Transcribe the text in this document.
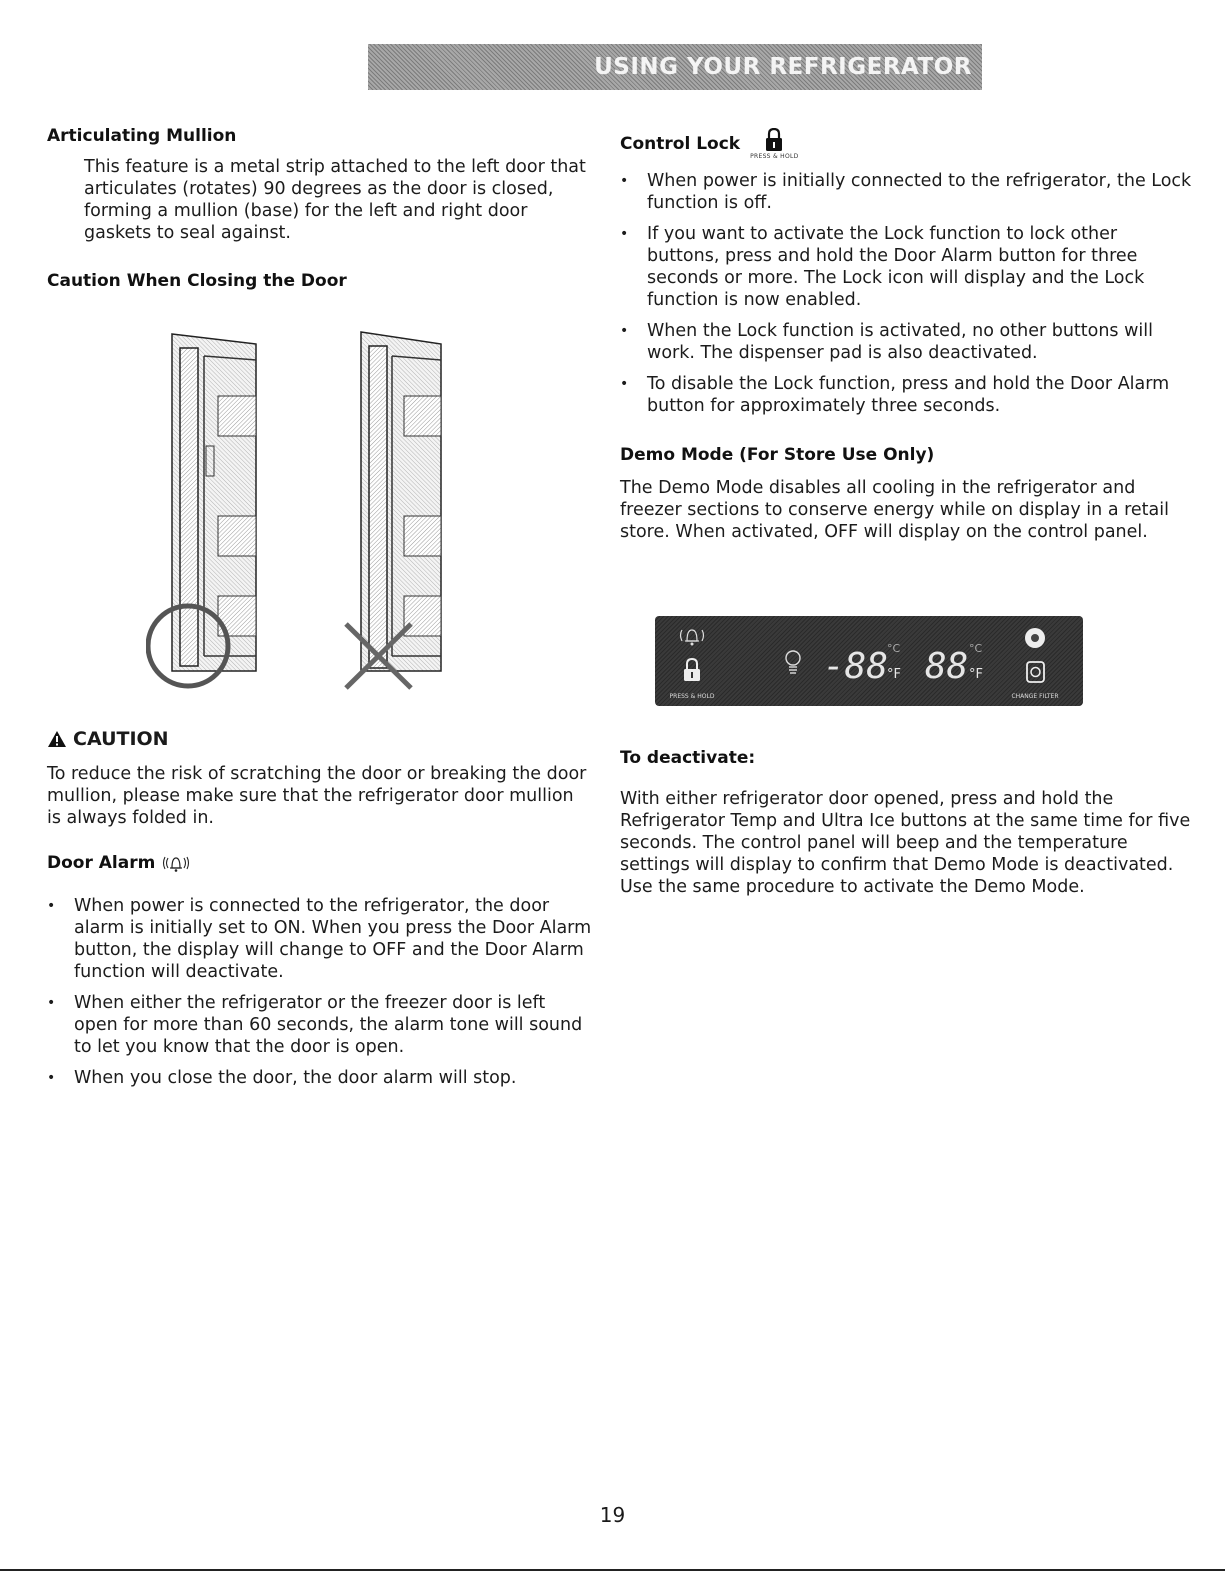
USING YOUR REFRIGERATOR
Articulating Mullion

This feature is a metal strip attached to the left door that articulates (rotates) 90 degrees as the door is closed, forming a mullion (base) for the left and right door gaskets to seal against.

Caution When Closing the Door
CAUTION

To reduce the risk of scratching the door or breaking the door mullion, please make sure that the refrigerator door mullion is always folded in.

Door Alarm
• When power is connected to the refrigerator, the door alarm is initially set to ON. When you press the Door Alarm button, the display will change to OFF and the Door Alarm function will deactivate.
• When either the refrigerator or the freezer door is left open for more than 60 seconds, the alarm tone will sound to let you know that the door is open.
• When you close the door, the door alarm will stop.
Control Lock
PRESS & HOLD
• When power is initially connected to the refrigerator, the Lock function is off.
• If you want to activate the Lock function to lock other buttons, press and hold the Door Alarm button for three seconds or more. The Lock icon will display and the Lock function is now enabled.
• When the Lock function is activated, no other buttons will work. The dispenser pad is also deactivated.
• To disable the Lock function, press and hold the Door Alarm button for approximately three seconds.
Demo Mode (For Store Use Only)

The Demo Mode disables all cooling in the refrigerator and freezer sections to conserve energy while on display in a retail store. When activated, OFF will display on the control panel.

PRESS & HOLD
-88
°C
°F 88 °C
°F
CHANGE FILTER
To deactivate:

With either refrigerator door opened, press and hold the Refrigerator Temp and Ultra Ice buttons at the same time for five seconds. The control panel will beep and the temperature settings will display to confirm that Demo Mode is deactivated. Use the same procedure to activate the Demo Mode.

19
